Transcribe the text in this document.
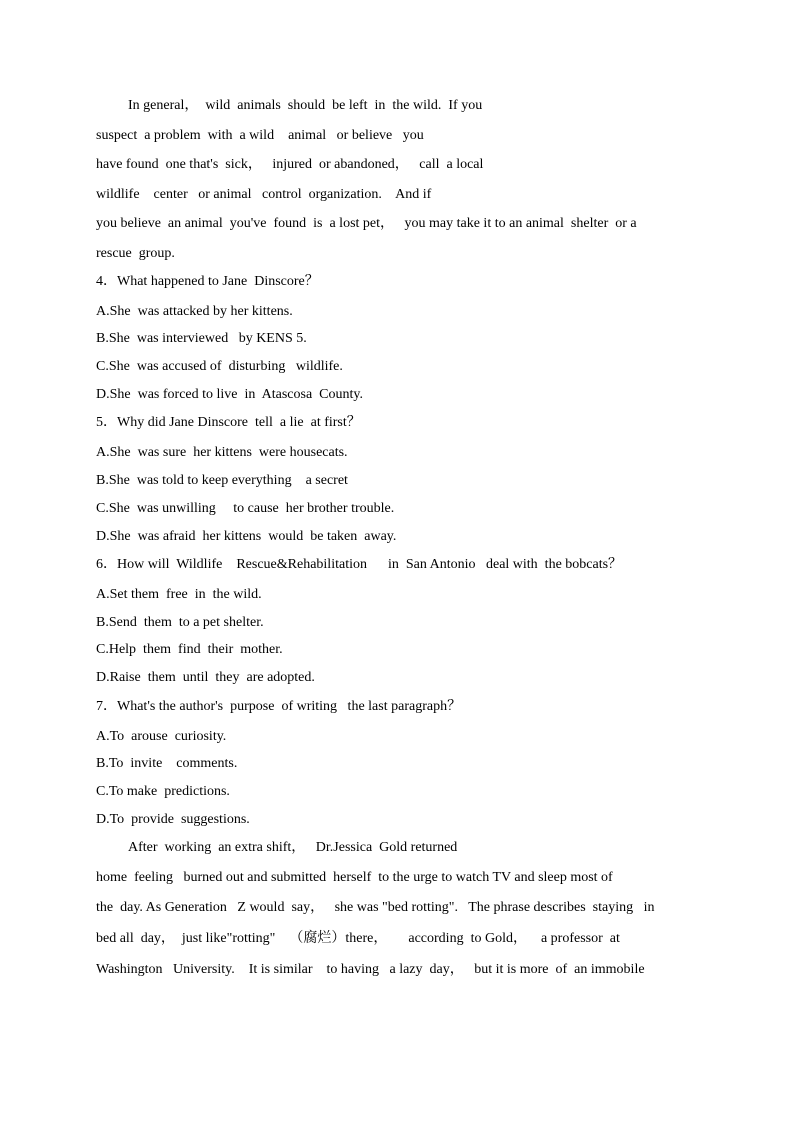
In general，  wild  animals  should  be left  in  the wild.  If you
suspect  a problem  with  a wild    animal   or believe   you
have found  one that's  sick，   injured  or abandoned，   call  a local
wildlife    center   or animal   control  organization.    And if
you believe  an animal  you've  found  is  a lost pet，   you may take it to an animal  shelter  or a
rescue  group.
4．What happened to Jane  Dinscore？
A.She  was attacked by her kittens.
B.She  was interviewed   by KENS 5.
C.She  was accused of  disturbing   wildlife.
D.She  was forced to live  in  Atascosa  County.
5．Why did Jane Dinscore  tell  a lie  at first？
A.She  was sure  her kittens  were housecats.
B.She  was told to keep everything    a secret
C.She  was unwilling     to cause  her brother trouble.
D.She  was afraid  her kittens  would  be taken  away.
6．How will  Wildlife    Rescue&Rehabilitation      in  San Antonio   deal with  the bobcats？
A.Set them  free  in  the wild.
B.Send  them  to a pet shelter.
C.Help  them  find  their  mother.
D.Raise  them  until  they  are adopted.
7．What's the author's  purpose  of writing   the last paragraph？
A.To  arouse  curiosity.
B.To  invite    comments.
C.To make  predictions.
D.To  provide  suggestions.
After  working  an extra shift，   Dr.Jessica  Gold returned
home  feeling   burned out and submitted  herself  to the urge to watch TV and sleep most of
the  day. As Generation   Z would  say，   she was "bed rotting".   The phrase describes  staying   in
bed all  day，  just like"rotting"    （腐烂）there，      according  to Gold，    a professor  at
Washington   University.    It is similar    to having   a lazy  day，   but it is more  of  an immobile
